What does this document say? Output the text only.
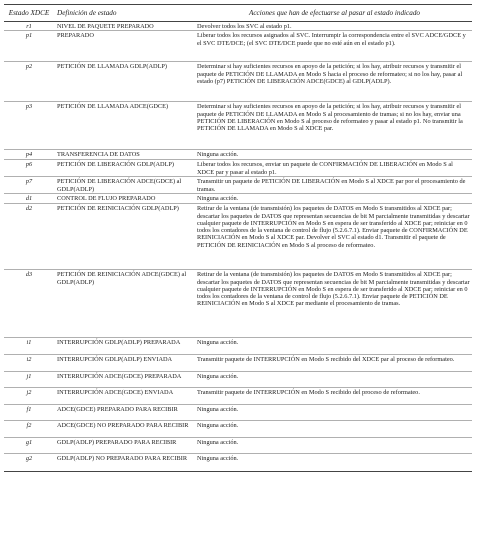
Estado XDCE	Definición de estado	Acciones que han de efectuarse al pasar al estado indicado
r1	NIVEL DE PAQUETE PREPARADO	Devolver todos los SVC al estado p1.
p1	PREPARADO	Liberar todos los recursos asignados al SVC. Interrumpir la correspondencia entre el SVC ADCE/GDCE y el SVC DTE/DCE; (el SVC DTE/DCE puede que no esté aún en el estado p1).
p2	PETICIÓN DE LLAMADA GDLP(ADLP)	Determinar si hay suficientes recursos en apoyo de la petición; si los hay, atribuir recursos y transmitir el paquete de PETICIÓN DE LLAMADA en Modo S hacia el proceso de reformateo; si no los hay, pasar al estado (p7) PETICIÓN DE LIBERACIÓN ADCE(GDCE) al GDLP(ADLP).
p3	PETICIÓN DE LLAMADA ADCE(GDCE)	Determinar si hay suficientes recursos en apoyo de la petición; si los hay, atribuir recursos y transmitir el paquete de PETICIÓN DE LLAMADA en Modo S al procesamiento de tramas; si no los hay, enviar una PETICIÓN DE LIBERACIÓN en Modo S al proceso de reformateo y pasar al estado p1. No transmitir la PETICIÓN DE LLAMADA en Modo S al XDCE par.
p4	TRANSFERENCIA DE DATOS	Ninguna acción.
p6	PETICIÓN DE LIBERACIÓN GDLP(ADLP)	Liberar todos los recursos, enviar un paquete de CONFIRMACIÓN DE LIBERACIÓN en Modo S al XDCE par y pasar al estado p1.
p7	PETICIÓN DE LIBERACIÓN ADCE(GDCE) al GDLP(ADLP)	Transmitir un paquete de PETICIÓN DE LIBERACIÓN en Modo S al XDCE par por el procesamiento de tramas.
d1	CONTROL DE FLUJO PREPARADO	Ninguna acción.
d2	PETICIÓN DE REINICIACIÓN GDLP(ADLP)	Retirar de la ventana (de transmisión) los paquetes de DATOS en Modo S transmitidos al XDCE par; descartar los paquetes de DATOS que representan secuencias de bit M parcialmente transmitidas y descartar cualquier paquete de INTERRUPCIÓN en Modo S en espera de ser transferido al XDCE par; reiniciar en 0 todos los contadores de la ventana de control de flujo (5.2.6.7.1). Enviar paquete de CONFIRMACIÓN DE REINICIACIÓN en Modo S al XDCE par. Devolver el SVC al estado d1. Transmitir el paquete de PETICIÓN DE REINICIACIÓN en Modo S al proceso de reformateo.
d3	PETICIÓN DE REINICIACIÓN ADCE(GDCE) al GDLP(ADLP)	Retirar de la ventana (de transmisión) los paquetes de DATOS en Modo S transmitidos al XDCE par; descartar los paquetes de DATOS que representan secuencias de bit M parcialmente transmitidas y descartar cualquier paquete de INTERRUPCIÓN en Modo S en espera de ser transferido al XDCE par; reiniciar en 0 todos los contadores de la ventana de control de flujo (5.2.6.7.1). Enviar paquete de PETICIÓN DE REINICIACIÓN en Modo S al XDCE par mediante el procesamiento de tramas.
i1	INTERRUPCIÓN GDLP(ADLP) PREPARADA	Ninguna acción.
i2	INTERRUPCIÓN GDLP(ADLP) ENVIADA	Transmitir paquete de INTERRUPCIÓN en Modo S recibido del XDCE par al proceso de reformateo.
j1	INTERRUPCIÓN ADCE(GDCE) PREPARADA	Ninguna acción.
j2	INTERRUPCIÓN ADCE(GDCE) ENVIADA	Transmitir paquete de INTERRUPCIÓN en Modo S recibido del proceso de reformateo.
f1	ADCE(GDCE) PREPARADO PARA RECIBIR	Ninguna acción.
f2	ADCE(GDCE) NO PREPARADO PARA RECIBIR	Ninguna acción.
g1	GDLP(ADLP) PREPARADO PARA RECIBIR	Ninguna acción.
g2	GDLP(ADLP) NO PREPARADO PARA RECIBIR	Ninguna acción.
